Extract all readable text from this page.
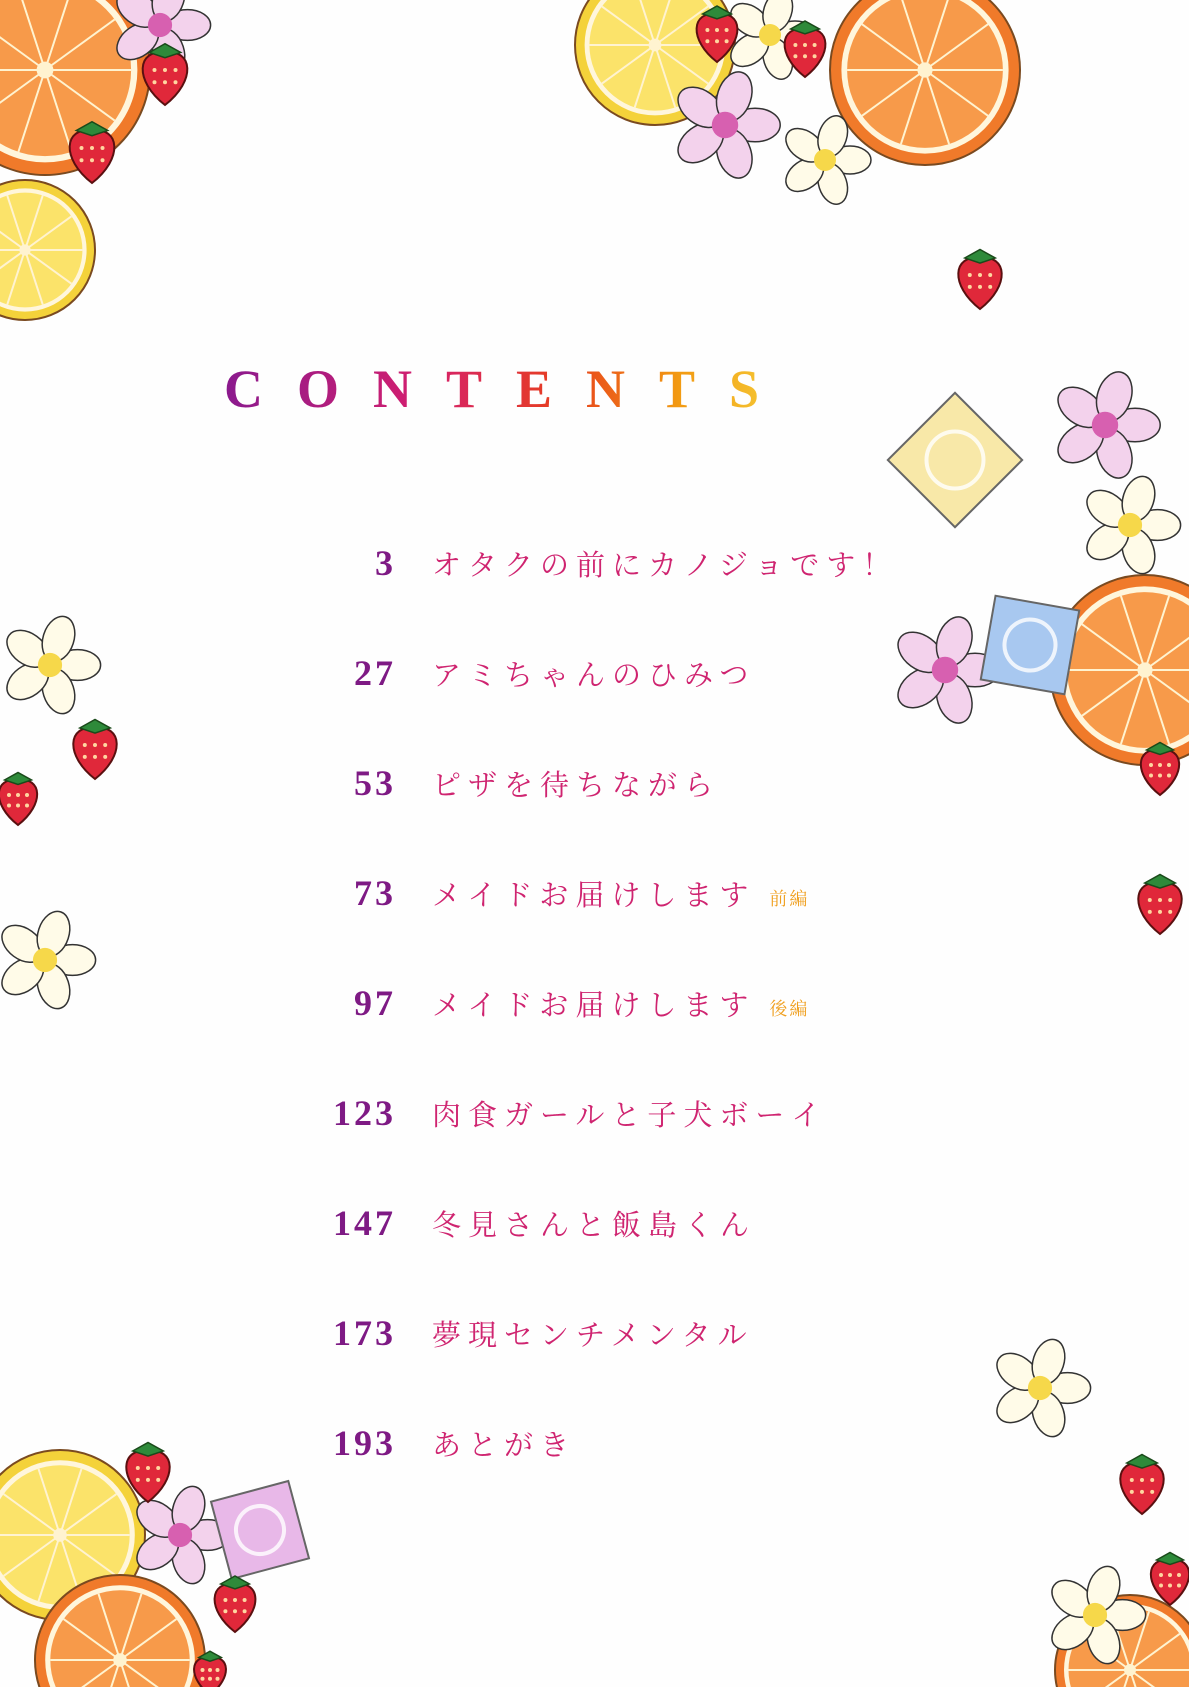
CONTENTS
3 オタクの前にカノジョです！
27 アミちゃんのひみつ
53 ピザを待ちながら
73 メイドお届けします 前編
97 メイドお届けします 後編
123 肉食ガールと子犬ボーイ
147 冬見さんと飯島くん
173 夢現センチメンタル
193 あとがき
